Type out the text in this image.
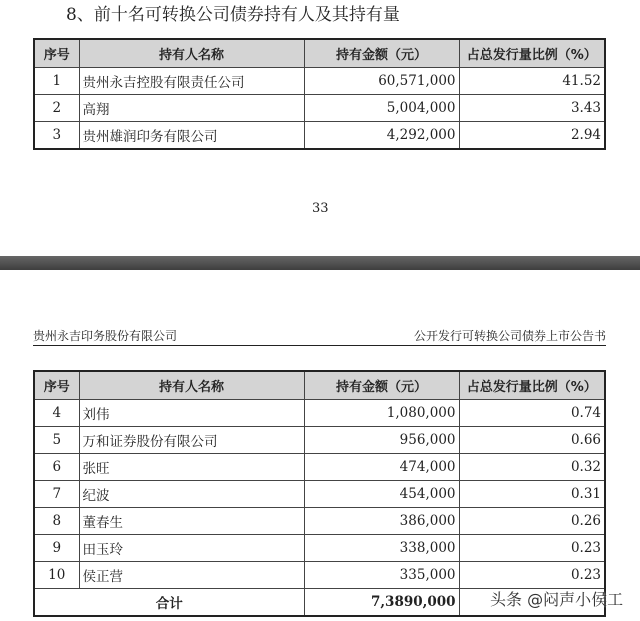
8、前十名可转换公司债券持有人及其持有量
序号	持有人名称	持有金额（元）	占总发行量比例（%）
1	贵州永吉控股有限责任公司	60,571,000	41.52
2	高翔	5,004,000	3.43
3	贵州雄润印务有限公司	4,292,000	2.94
33
贵州永吉印务股份有限公司	公开发行可转换公司债券上市公告书
序号	持有人名称	持有金额（元）	占总发行量比例（%）
4	刘伟	1,080,000	0.74
5	万和证券股份有限公司	956,000	0.66
6	张旺	474,000	0.32
7	纪波	454,000	0.31
8	董春生	386,000	0.26
9	田玉玲	338,000	0.23
10	侯正营	335,000	0.23
合计		7,3890,000	头条 @闷声小侯工
